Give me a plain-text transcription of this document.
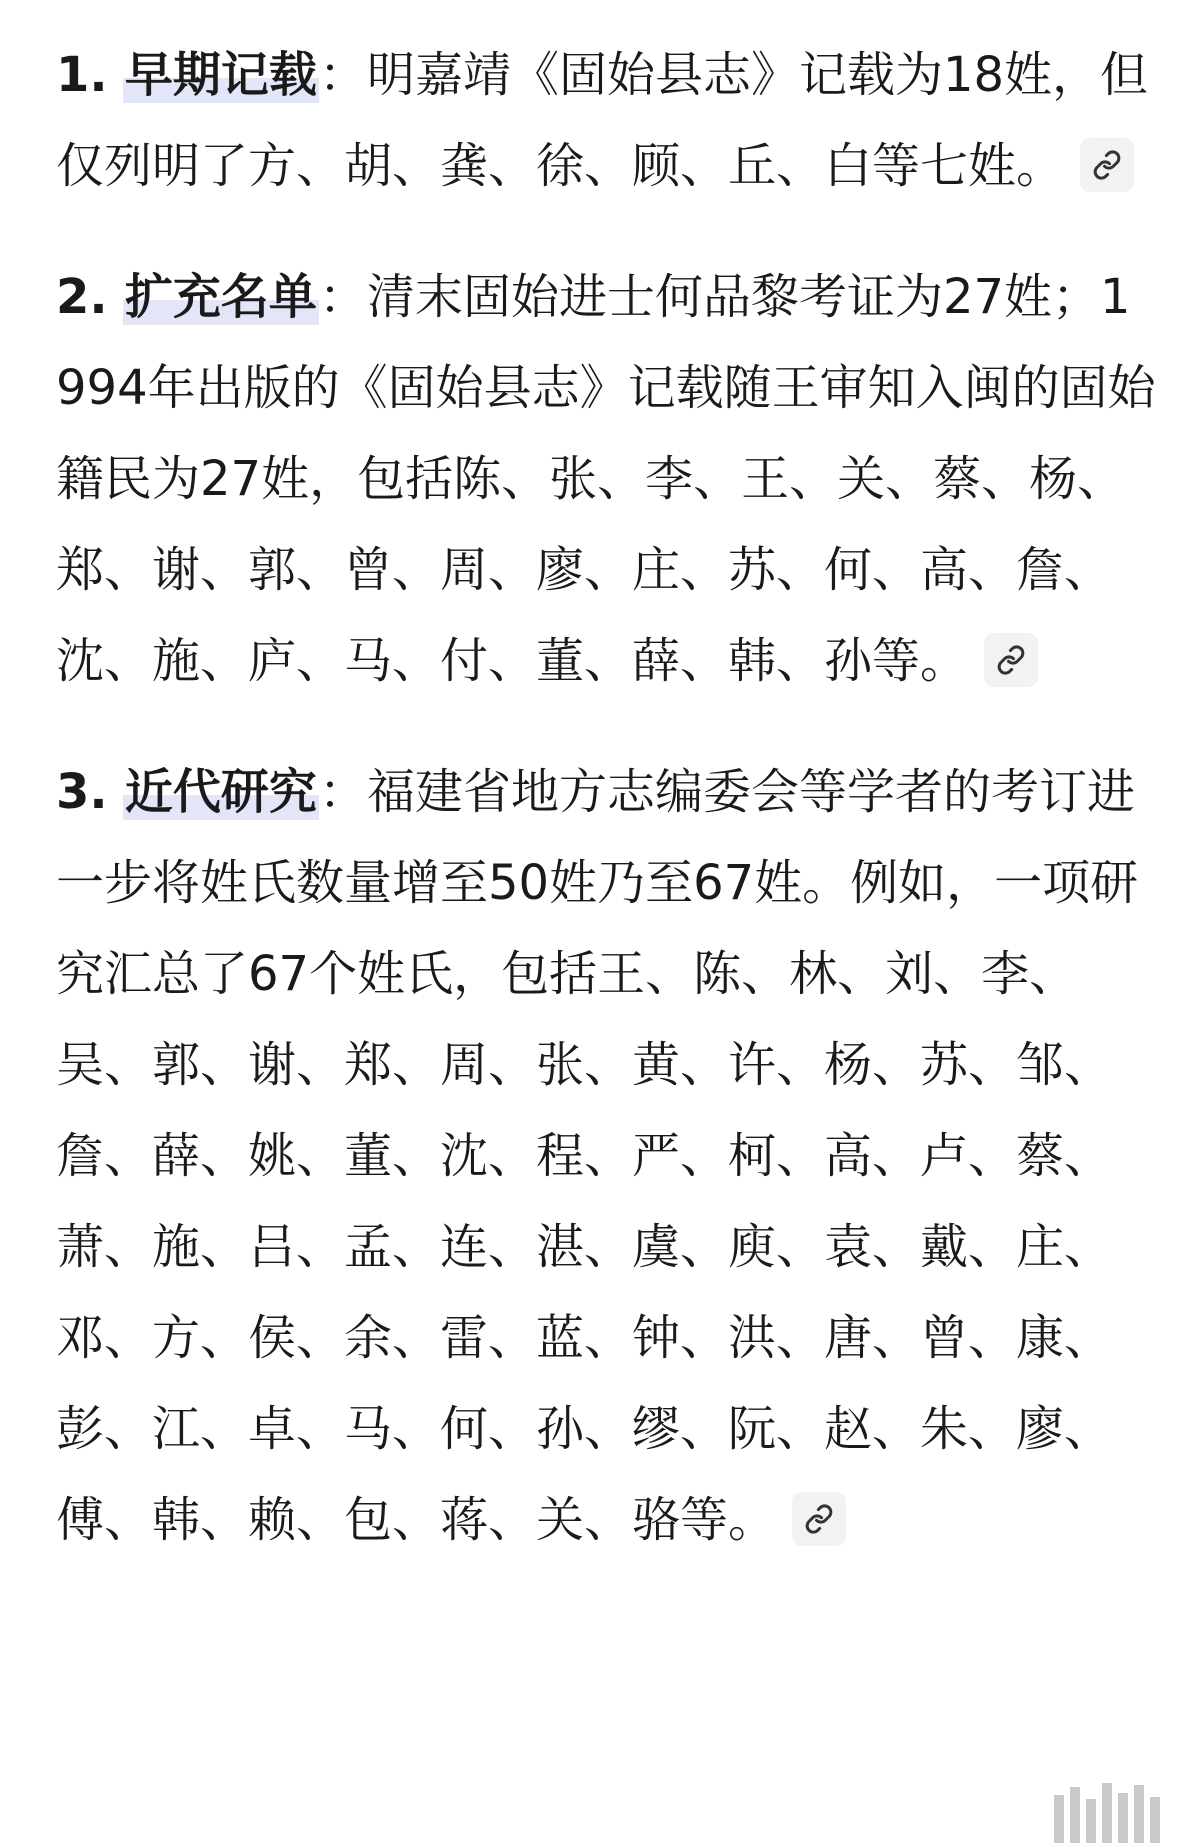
1. 早期记载：明嘉靖《固始县志》记载为18姓，但仅列明了方、胡、龚、徐、顾、丘、白等七姓。
2. 扩充名单：清末固始进士何品黎考证为27姓；1994年出版的《固始县志》记载随王审知入闽的固始籍民为27姓，包括陈、张、李、王、关、蔡、杨、郑、谢、郭、曾、周、廖、庄、苏、何、高、詹、沈、施、庐、马、付、董、薛、韩、孙等。
3. 近代研究：福建省地方志编委会等学者的考订进一步将姓氏数量增至50姓乃至67姓。例如，一项研究汇总了67个姓氏，包括王、陈、林、刘、李、吴、郭、谢、郑、周、张、黄、许、杨、苏、邹、詹、薛、姚、董、沈、程、严、柯、高、卢、蔡、萧、施、吕、孟、连、湛、虞、庾、袁、戴、庄、邓、方、侯、余、雷、蓝、钟、洪、唐、曾、康、彭、江、卓、马、何、孙、缪、阮、赵、朱、廖、傅、韩、赖、包、蒋、关、骆等。
